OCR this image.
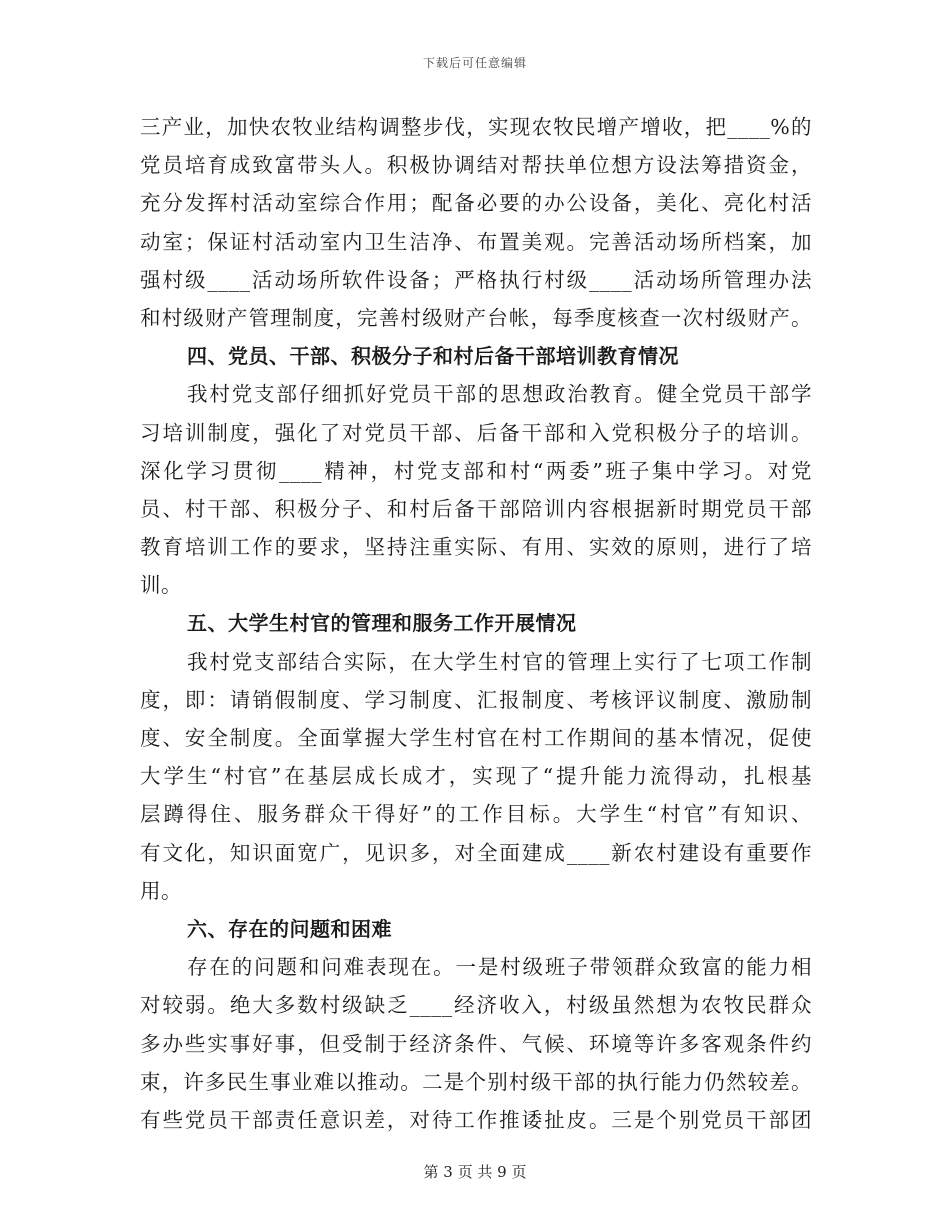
下载后可任意编辑
三产业，加快农牧业结构调整步伐，实现农牧民增产增收，把____%的
党员培育成致富带头人。积极协调结对帮扶单位想方设法筹措资金，
充分发挥村活动室综合作用；配备必要的办公设备，美化、亮化村活
动室；保证村活动室内卫生洁净、布置美观。完善活动场所档案，加
强村级____活动场所软件设备；严格执行村级____活动场所管理办法
和村级财产管理制度，完善村级财产台帐，每季度核查一次村级财产。
四、党员、干部、积极分子和村后备干部培训教育情况
我村党支部仔细抓好党员干部的思想政治教育。健全党员干部学
习培训制度，强化了对党员干部、后备干部和入党积极分子的培训。
深化学习贯彻____精神，村党支部和村“两委”班子集中学习。对党
员、村干部、积极分子、和村后备干部陪训内容根据新时期党员干部
教育培训工作的要求，坚持注重实际、有用、实效的原则，进行了培
训。
五、大学生村官的管理和服务工作开展情况
我村党支部结合实际，在大学生村官的管理上实行了七项工作制
度，即：请销假制度、学习制度、汇报制度、考核评议制度、激励制
度、安全制度。全面掌握大学生村官在村工作期间的基本情况，促使
大学生“村官”在基层成长成才，实现了“提升能力流得动，扎根基
层蹲得住、服务群众干得好”的工作目标。大学生“村官”有知识、
有文化，知识面宽广，见识多，对全面建成____新农村建设有重要作
用。
六、存在的问题和困难
存在的问题和问难表现在。一是村级班子带领群众致富的能力相
对较弱。绝大多数村级缺乏____经济收入，村级虽然想为农牧民群众
多办些实事好事，但受制于经济条件、气候、环境等许多客观条件约
束，许多民生事业难以推动。二是个别村级干部的执行能力仍然较差。
有些党员干部责任意识差，对待工作推诿扯皮。三是个别党员干部团
第 3 页 共 9 页
